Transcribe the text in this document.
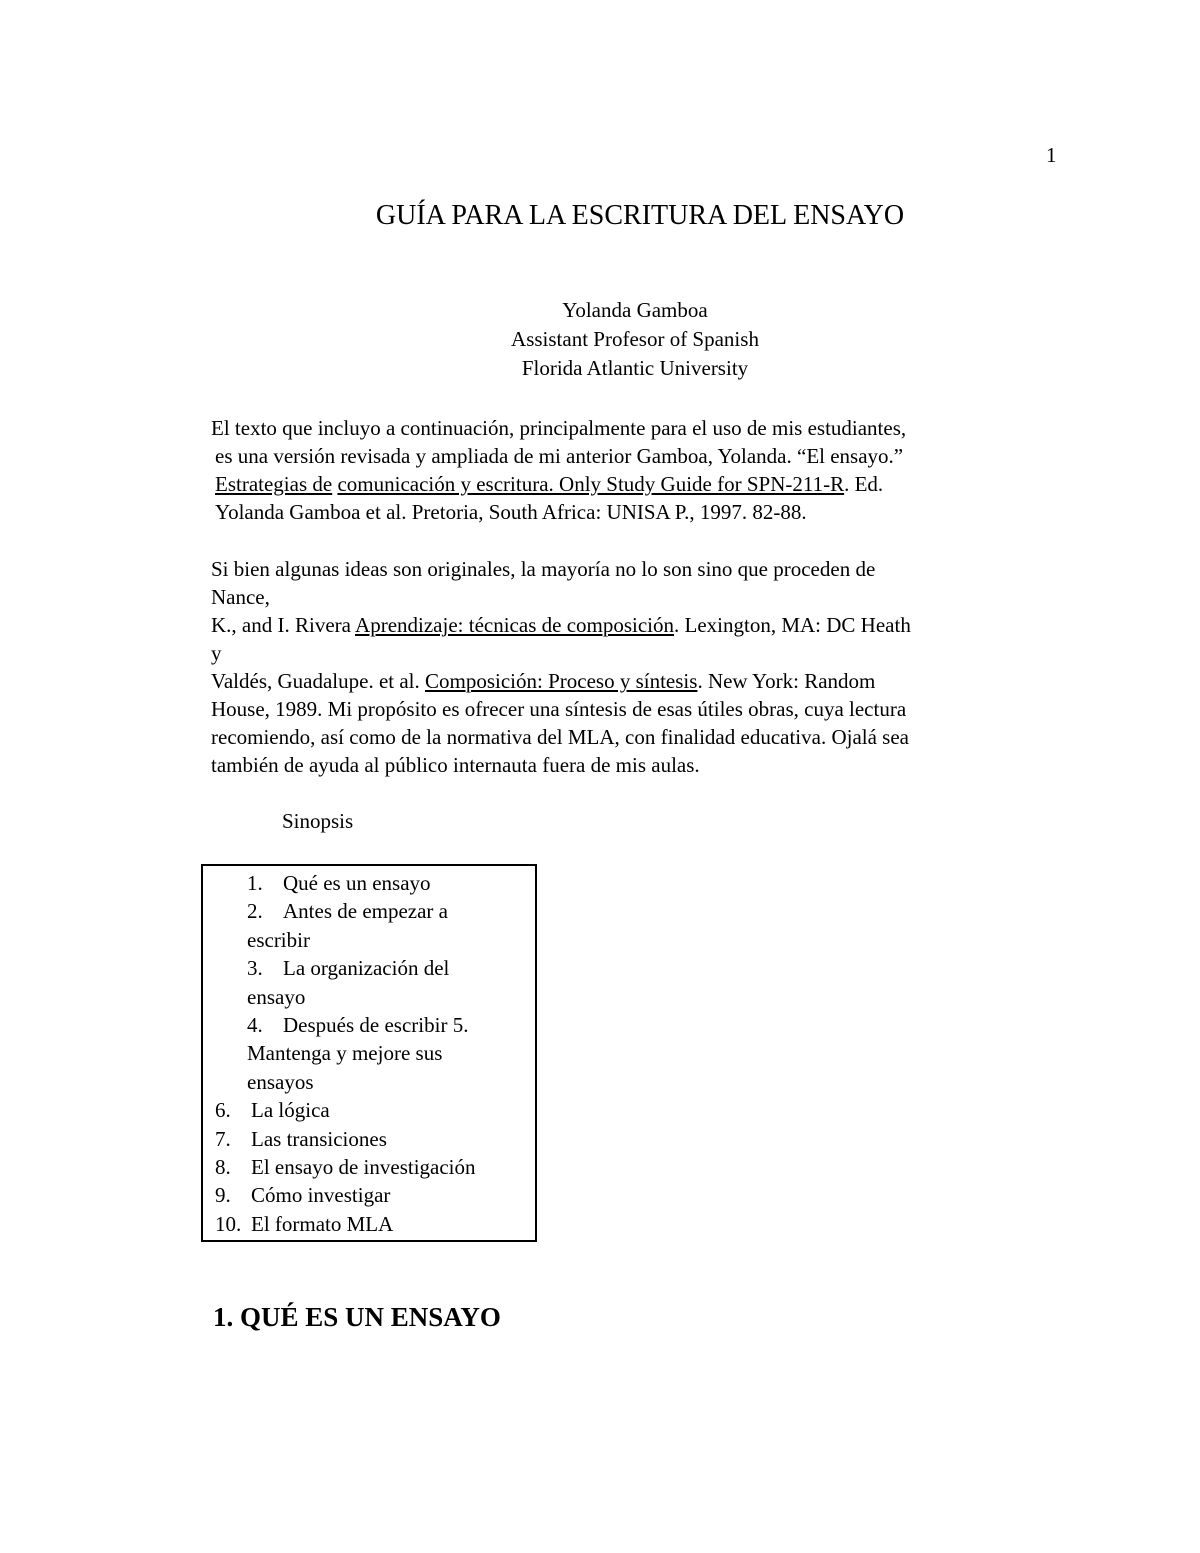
1
GUÍA PARA LA ESCRITURA DEL ENSAYO
Yolanda Gamboa
Assistant Profesor of Spanish
Florida Atlantic University
El texto que incluyo a continuación, principalmente para el uso de mis estudiantes,
es una versión revisada y ampliada de mi anterior Gamboa, Yolanda. “El ensayo.”
Estrategias de comunicación y escritura. Only Study Guide for SPN-211-R. Ed.
Yolanda Gamboa et al. Pretoria, South Africa: UNISA P., 1997. 82-88.
Si bien algunas ideas son originales, la mayoría no lo son sino que proceden de
Nance,
K., and I. Rivera Aprendizaje: técnicas de composición. Lexington, MA: DC Heath
y
Valdés, Guadalupe. et al. Composición: Proceso y síntesis. New York: Random
House, 1989. Mi propósito es ofrecer una síntesis de esas útiles obras, cuya lectura
recomiendo, así como de la normativa del MLA, con finalidad educativa. Ojalá sea
también de ayuda al público internauta fuera de mis aulas.
Sinopsis
1. Qué es un ensayo
2. Antes de empezar a
escribir
3. La organización del
ensayo
4. Después de escribir 5.
Mantenga y mejore sus
ensayos
6. La lógica
7. Las transiciones
8. El ensayo de investigación
9. Cómo investigar
10. El formato MLA
1. QUÉ ES UN ENSAYO
